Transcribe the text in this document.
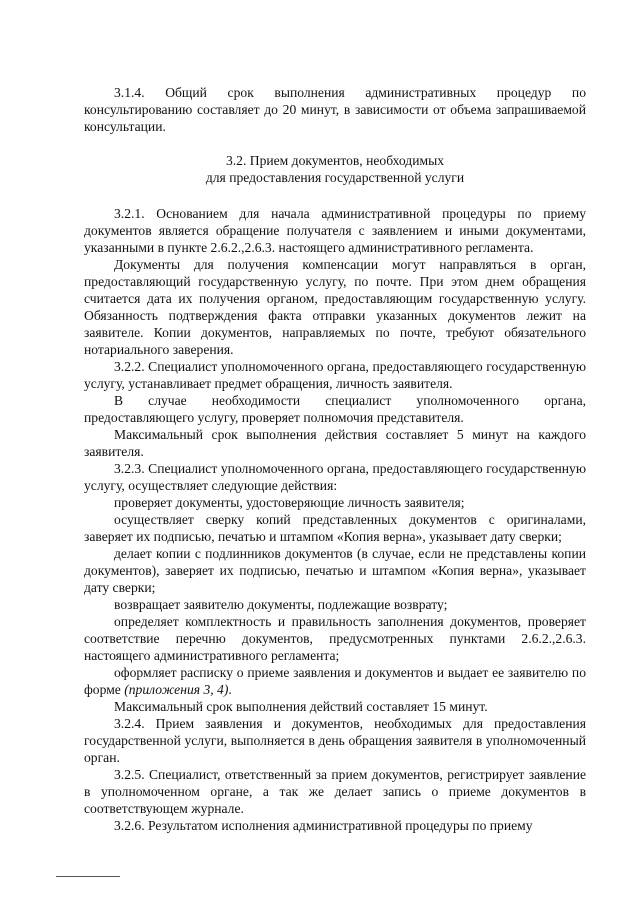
3.1.4. Общий срок выполнения административных процедур по консультированию составляет до 20 минут, в зависимости от объема запрашиваемой консультации.

3.2. Прием документов, необходимых

для предоставления государственной услуги

3.2.1. Основанием для начала административной процедуры по приему документов является обращение получателя с заявлением и иными документами, указанными в пункте 2.6.2.,2.6.3. настоящего административного регламента.

Документы для получения компенсации могут направляться в орган, предоставляющий государственную услугу, по почте. При этом днем обращения считается дата их получения органом, предоставляющим государственную услугу. Обязанность подтверждения факта отправки указанных документов лежит на заявителе. Копии документов, направляемых по почте, требуют обязательного нотариального заверения.

3.2.2. Специалист уполномоченного органа, предоставляющего государственную услугу, устанавливает предмет обращения, личность заявителя.

В случае необходимости специалист уполномоченного органа, предоставляющего услугу, проверяет полномочия представителя.

Максимальный срок выполнения действия составляет 5 минут на каждого заявителя.

3.2.3. Специалист уполномоченного органа, предоставляющего государственную услугу, осуществляет следующие действия:

проверяет документы, удостоверяющие личность заявителя;

осуществляет сверку копий представленных документов с оригиналами, заверяет их подписью, печатью и штампом «Копия верна», указывает дату сверки;

делает копии с подлинников документов (в случае, если не представлены копии документов), заверяет их подписью, печатью и штампом «Копия верна», указывает дату сверки;

возвращает заявителю документы, подлежащие возврату;

определяет комплектность и правильность заполнения документов, проверяет соответствие перечню документов, предусмотренных пунктами 2.6.2.,2.6.3. настоящего административного регламента;

оформляет расписку о приеме заявления и документов и выдает ее заявителю по форме (приложения 3, 4).

Максимальный срок выполнения действий составляет 15 минут.

3.2.4. Прием заявления и документов, необходимых для предоставления государственной услуги, выполняется в день обращения заявителя в уполномоченный орган.

3.2.5. Специалист, ответственный за прием документов, регистрирует заявление в уполномоченном органе, а так же делает запись о приеме документов в соответствующем журнале.

3.2.6. Результатом исполнения административной процедуры по приему
